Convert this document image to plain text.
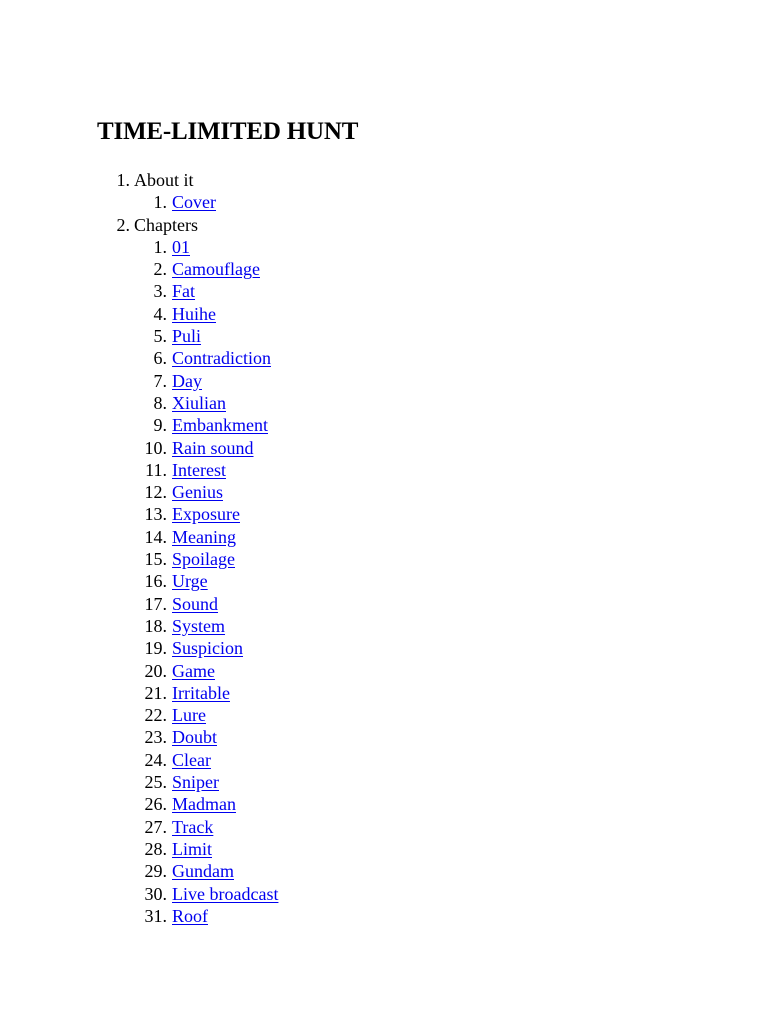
TIME-LIMITED HUNT
1. About it
1. Cover
2. Chapters
1. 01
2. Camouflage
3. Fat
4. Huihe
5. Puli
6. Contradiction
7. Day
8. Xiulian
9. Embankment
10. Rain sound
11. Interest
12. Genius
13. Exposure
14. Meaning
15. Spoilage
16. Urge
17. Sound
18. System
19. Suspicion
20. Game
21. Irritable
22. Lure
23. Doubt
24. Clear
25. Sniper
26. Madman
27. Track
28. Limit
29. Gundam
30. Live broadcast
31. Roof
